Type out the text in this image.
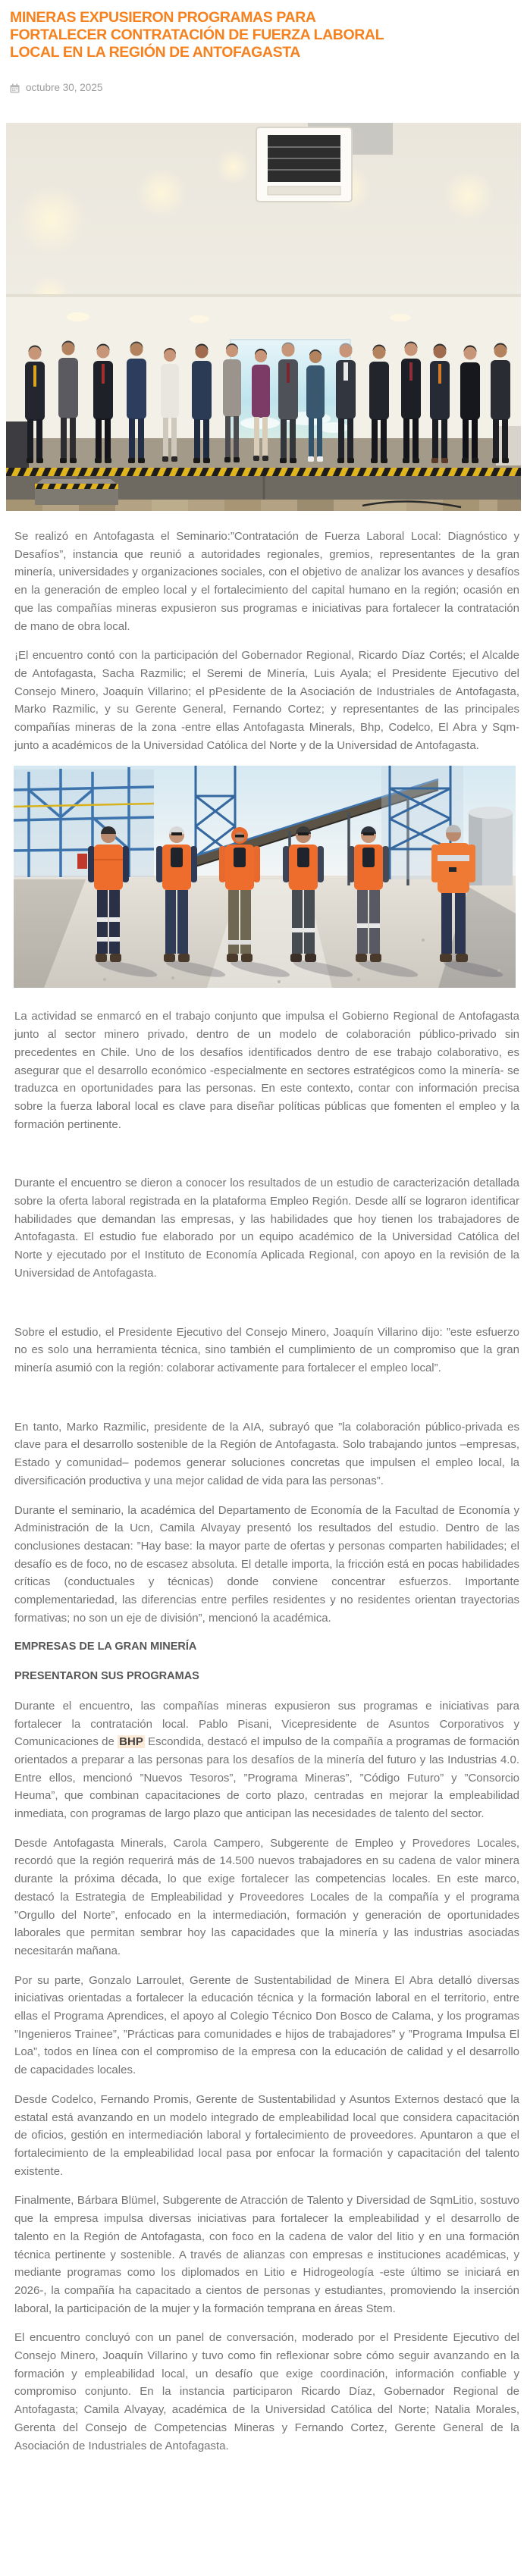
MINERAS EXPUSIERON PROGRAMAS PARA
FORTALECER CONTRATACIÓN DE FUERZA LABORAL
LOCAL EN LA REGIÓN DE ANTOFAGASTA
octubre 30, 2025

Se realizó en Antofagasta el Seminario:”Contratación de Fuerza Laboral Local: Diagnóstico y Desafíos”, instancia que reunió a autoridades regionales, gremios, representantes de la gran minería, universidades y organizaciones sociales, con el objetivo de analizar los avances y desafíos en la generación de empleo local y el fortalecimiento del capital humano en la región; ocasión en que las compañías mineras expusieron sus programas e iniciativas para fortalecer la contratación de mano de obra local.

¡El encuentro contó con la participación del Gobernador Regional, Ricardo Díaz Cortés; el Alcalde de Antofagasta, Sacha Razmilic; el Seremi de Minería, Luis Ayala; el Presidente Ejecutivo del Consejo Minero, Joaquín Villarino; el pPesidente de la Asociación de Industriales de Antofagasta, Marko Razmilic, y su Gerente General, Fernando Cortez; y representantes de las principales compañías mineras de la zona -entre ellas Antofagasta Minerals, Bhp, Codelco, El Abra y Sqm- junto a académicos de la Universidad Católica del Norte y de la Universidad de Antofagasta.

La actividad se enmarcó en el trabajo conjunto que impulsa el Gobierno Regional de Antofagasta junto al sector minero privado, dentro de un modelo de colaboración público-privado sin precedentes en Chile. Uno de los desafíos identificados dentro de ese trabajo colaborativo, es asegurar que el desarrollo económico -especialmente en sectores estratégicos como la minería- se traduzca en oportunidades para las personas. En este contexto, contar con información precisa sobre la fuerza laboral local es clave para diseñar políticas públicas que fomenten el empleo y la formación pertinente.

Durante el encuentro se dieron a conocer los resultados de un estudio de caracterización detallada sobre la oferta laboral registrada en la plataforma Empleo Región. Desde allí se lograron identificar habilidades que demandan las empresas, y las habilidades que hoy tienen los trabajadores de Antofagasta. El estudio fue elaborado por un equipo académico de la Universidad Católica del Norte y ejecutado por el Instituto de Economía Aplicada Regional, con apoyo en la revisión de la Universidad de Antofagasta.

Sobre el estudio, el Presidente Ejecutivo del Consejo Minero, Joaquín Villarino dijo: ”este esfuerzo no es solo una herramienta técnica, sino también el cumplimiento de un compromiso que la gran minería asumió con la región: colaborar activamente para fortalecer el empleo local”.

En tanto, Marko Razmilic, presidente de la AIA, subrayó que ”la colaboración público-privada es clave para el desarrollo sostenible de la Región de Antofagasta. Solo trabajando juntos –empresas, Estado y comunidad– podemos generar soluciones concretas que impulsen el empleo local, la diversificación productiva y una mejor calidad de vida para las personas”.

Durante el seminario, la académica del Departamento de Economía de la Facultad de Economía y Administración de la Ucn, Camila Alvayay presentó los resultados del estudio. Dentro de las conclusiones destacan: ”Hay base: la mayor parte de ofertas y personas comparten habilidades; el desafío es de foco, no de escasez absoluta. El detalle importa, la fricción está en pocas habilidades críticas (conductuales y técnicas) donde conviene concentrar esfuerzos. Importante complementariedad, las diferencias entre perfiles residentes y no residentes orientan trayectorias formativas; no son un eje de división”, mencionó la académica.

EMPRESAS DE LA GRAN MINERÍA
PRESENTARON SUS PROGRAMAS

Durante el encuentro, las compañías mineras expusieron sus programas e iniciativas para fortalecer la contratación local. Pablo Pisani, Vicepresidente de Asuntos Corporativos y Comunicaciones de BHP Escondida, destacó el impulso de la compañía a programas de formación orientados a preparar a las personas para los desafíos de la minería del futuro y las Industrias 4.0. Entre ellos, mencionó ”Nuevos Tesoros”, ”Programa Mineras”, ”Código Futuro” y ”Consorcio Heuma”, que combinan capacitaciones de corto plazo, centradas en mejorar la empleabilidad inmediata, con programas de largo plazo que anticipan las necesidades de talento del sector.

Desde Antofagasta Minerals, Carola Campero, Subgerente de Empleo y Provedores Locales, recordó que la región requerirá más de 14.500 nuevos trabajadores en su cadena de valor minera durante la próxima década, lo que exige fortalecer las competencias locales. En este marco, destacó la Estrategia de Empleabilidad y Proveedores Locales de la compañía y el programa ”Orgullo del Norte”, enfocado en la intermediación, formación y generación de oportunidades laborales que permitan sembrar hoy las capacidades que la minería y las industrias asociadas necesitarán mañana.

Por su parte, Gonzalo Larroulet, Gerente de Sustentabilidad de Minera El Abra detalló diversas iniciativas orientadas a fortalecer la educación técnica y la formación laboral en el territorio, entre ellas el Programa Aprendices, el apoyo al Colegio Técnico Don Bosco de Calama, y los programas ”Ingenieros Trainee”, ”Prácticas para comunidades e hijos de trabajadores” y ”Programa Impulsa El Loa”, todos en línea con el compromiso de la empresa con la educación de calidad y el desarrollo de capacidades locales.

Desde Codelco, Fernando Promis, Gerente de Sustentabilidad y Asuntos Externos destacó que la estatal está avanzando en un modelo integrado de empleabilidad local que considera capacitación de oficios, gestión en intermediación laboral y fortalecimiento de proveedores. Apuntaron a que el fortalecimiento de la empleabilidad local pasa por enfocar la formación y capacitación del talento existente.

Finalmente, Bárbara Blümel, Subgerente de Atracción de Talento y Diversidad de SqmLitio, sostuvo que la empresa impulsa diversas iniciativas para fortalecer la empleabilidad y el desarrollo de talento en la Región de Antofagasta, con foco en la cadena de valor del litio y en una formación técnica pertinente y sostenible. A través de alianzas con empresas e instituciones académicas, y mediante programas como los diplomados en Litio e Hidrogeología -este último se iniciará en 2026-, la compañía ha capacitado a cientos de personas y estudiantes, promoviendo la inserción laboral, la participación de la mujer y la formación temprana en áreas Stem.

El encuentro concluyó con un panel de conversación, moderado por el Presidente Ejecutivo del Consejo Minero, Joaquín Villarino y tuvo como fin reflexionar sobre cómo seguir avanzando en la formación y empleabilidad local, un desafío que exige coordinación, información confiable y compromiso conjunto. En la instancia participaron Ricardo Díaz, Gobernador Regional de Antofagasta; Camila Alvayay, académica de la Universidad Católica del Norte; Natalia Morales, Gerenta del Consejo de Competencias Mineras y Fernando Cortez, Gerente General de la Asociación de Industriales de Antofagasta.
